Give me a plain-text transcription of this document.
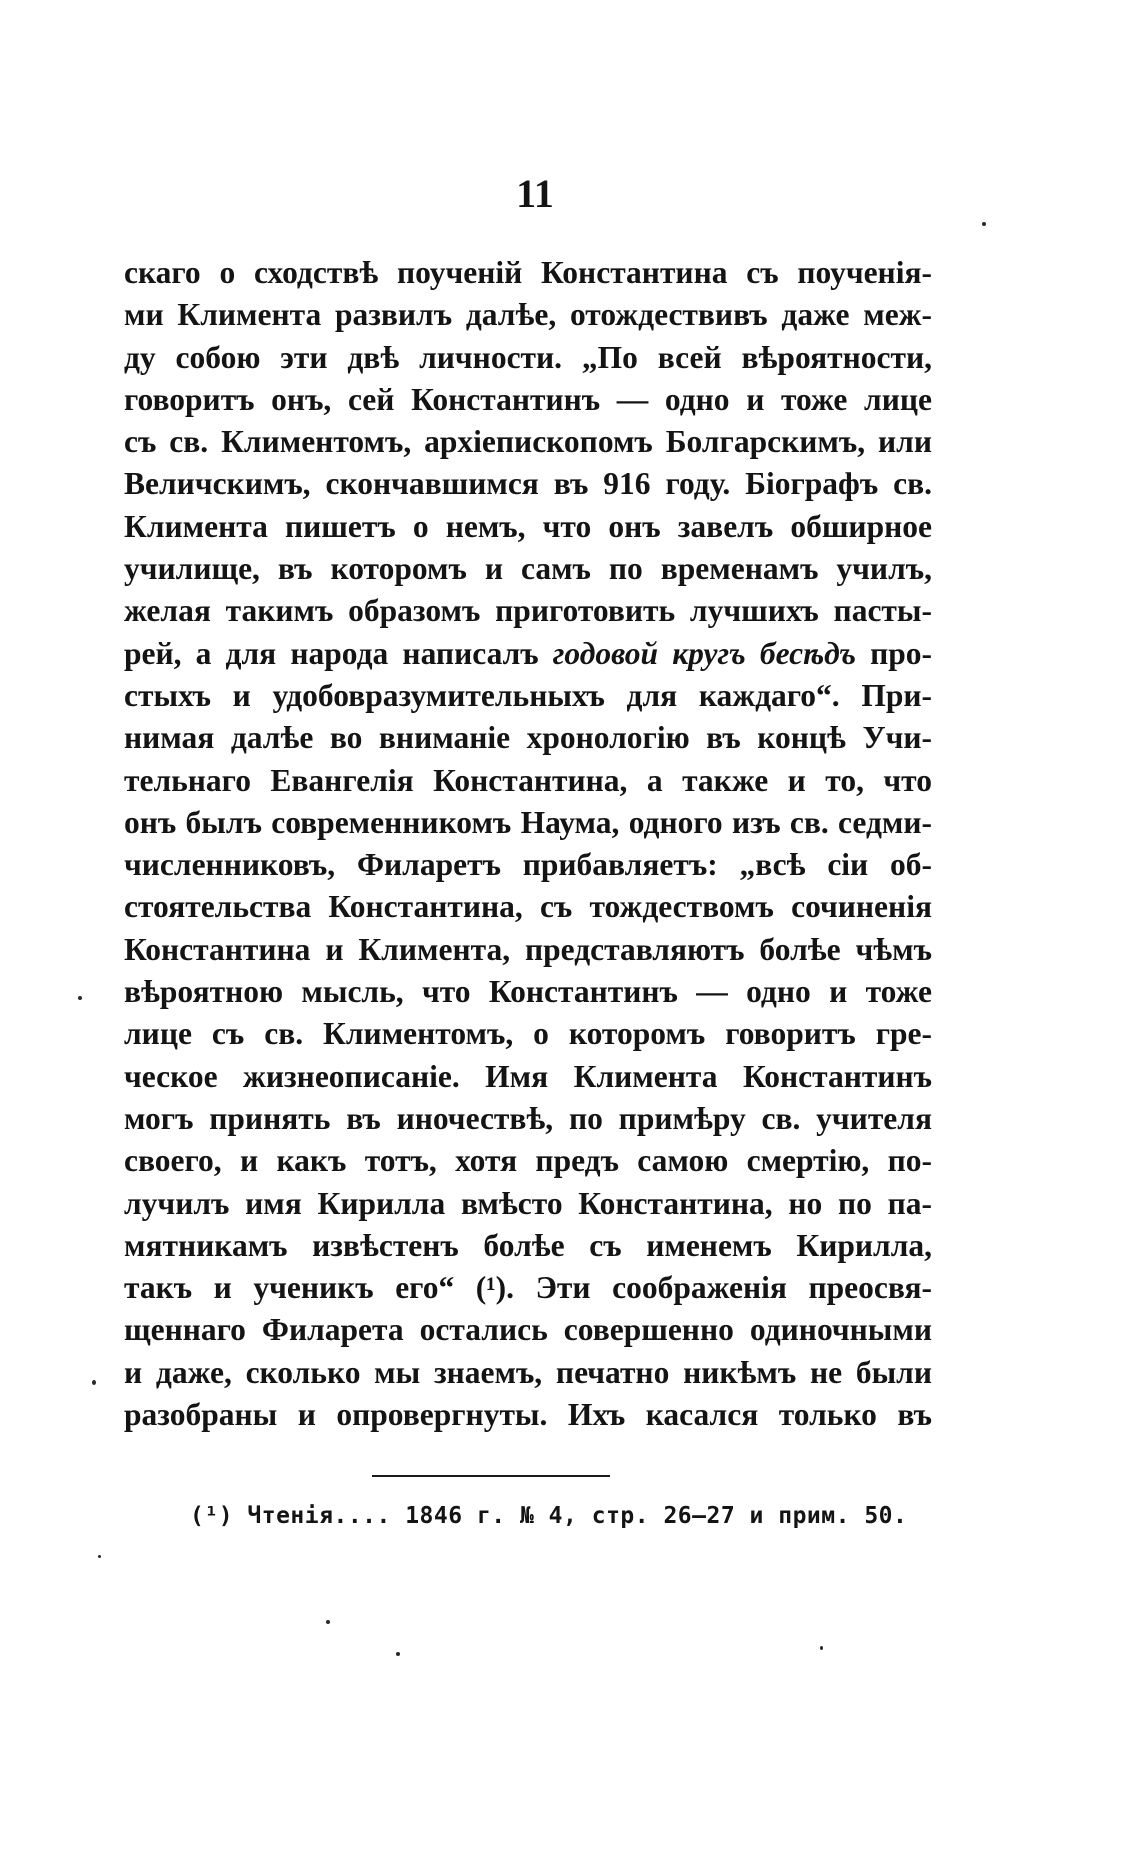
11
скаго о сходствѣ поученій Константина съ поученія-
ми Климента развилъ далѣе, отождествивъ даже меж-
ду собою эти двѣ личности. „По всей вѣроятности,
говоритъ онъ, сей Константинъ — одно и тоже лице
съ св. Климентомъ, архіепископомъ Болгарскимъ, или
Величскимъ, скончавшимся въ 916 году. Біографъ св.
Климента пишетъ о немъ, что онъ завелъ обширное
училище, въ которомъ и самъ по временамъ училъ,
желая такимъ образомъ приготовить лучшихъ пасты-
рей, а для народа написалъ годовой кругъ бесѣдъ про-
стыхъ и удобовразумительныхъ для каждаго“. При-
нимая далѣе во вниманіе хронологію въ концѣ Учи-
тельнаго Евангелія Константина, а также и то, что
онъ былъ современникомъ Наума, одного изъ св. седми-
численниковъ, Филаретъ прибавляетъ: „всѣ сіи об-
стоятельства Константина, съ тождествомъ сочиненія
Константина и Климента, представляютъ болѣе чѣмъ
вѣроятною мысль, что Константинъ — одно и тоже
лице съ св. Климентомъ, о которомъ говоритъ гре-
ческое жизнеописаніе. Имя Климента Константинъ
могъ принять въ иночествѣ, по примѣру св. учителя
своего, и какъ тотъ, хотя предъ самою смертію, по-
лучилъ имя Кирилла вмѣсто Константина, но по па-
мятникамъ извѣстенъ болѣе съ именемъ Кирилла,
такъ и ученикъ его“ (¹). Эти соображенія преосвя-
щеннаго Филарета остались совершенно одиночными
и даже, сколько мы знаемъ, печатно никѣмъ не были
разобраны и опровергнуты. Ихъ касался только въ
(¹) Чтенія.... 1846 г. № 4, стр. 26—27 и прим. 50.
